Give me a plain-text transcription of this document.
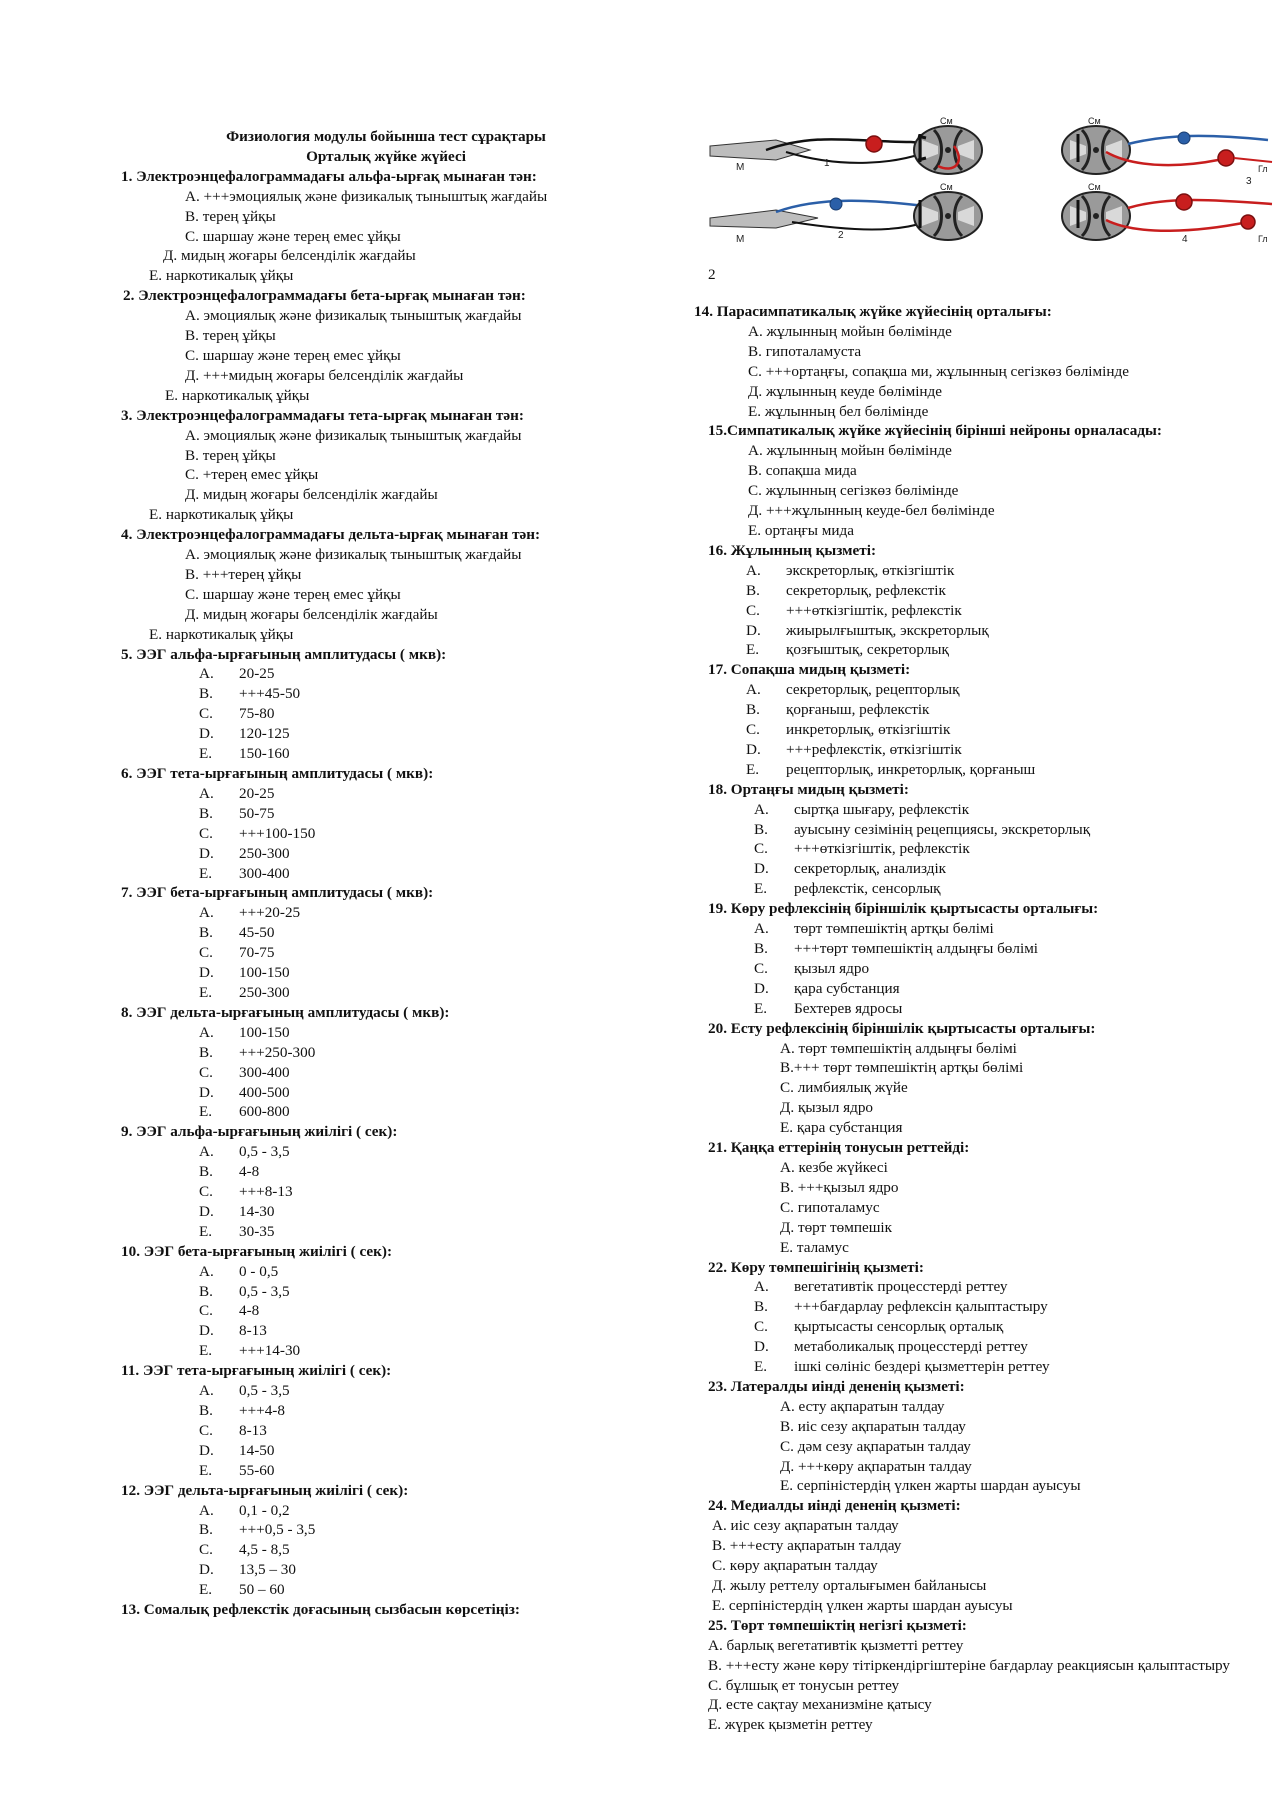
Физиология модулы бойынша тест сұрақтары
Орталық жүйке жүйесі
1. Электроэнцефалограммадағы альфа-ырғақ мынаған тән:
А. +++эмоциялық және физикалық тыныштық жағдайы
В. терең ұйқы
С. шаршау және терең емес ұйқы
Д. мидың жоғары белсенділік жағдайы
Е. наркотикалық ұйқы
2. Электроэнцефалограммадағы бета-ырғақ мынаған тән:
А. эмоциялық және физикалық тыныштық жағдайы
В. терең ұйқы
С. шаршау және терең емес ұйқы
Д. +++мидың жоғары белсенділік жағдайы
Е. наркотикалық ұйқы
3. Электроэнцефалограммадағы тета-ырғақ мынаған тән:
А. эмоциялық және физикалық тыныштық жағдайы
В. терең ұйқы
С. +терең емес ұйқы
Д. мидың жоғары белсенділік жағдайы
Е. наркотикалық ұйқы
4. Электроэнцефалограммадағы дельта-ырғақ мынаған тән:
А. эмоциялық және физикалық тыныштық жағдайы
В. +++терең ұйқы
С. шаршау және терең емес ұйқы
Д. мидың жоғары белсенділік жағдайы
Е. наркотикалық ұйқы
5. ЭЭГ альфа-ырғағының амплитудасы ( мкв):
A.	20-25
B.	+++45-50
C.	75-80
D.	120-125
E.	150-160
6. ЭЭГ тета-ырғағының амплитудасы ( мкв):
A.	20-25
B.	50-75
C.	+++100-150
D.	250-300
E.	300-400
7. ЭЭГ бета-ырғағының амплитудасы ( мкв):
A.	+++20-25
B.	45-50
C.	70-75
D.	100-150
E.	250-300
8. ЭЭГ дельта-ырғағының амплитудасы ( мкв):
A.	100-150
B.	+++250-300
C.	300-400
D.	400-500
E.	600-800
9. ЭЭГ альфа-ырғағының жиілігі ( сек):
A.	0,5 - 3,5
B.	4-8
C.	+++8-13
D.	14-30
E.	30-35
10. ЭЭГ бета-ырғағының жиілігі ( сек):
A.	0 - 0,5
B.	0,5 - 3,5
C.	4-8
D.	8-13
E.	+++14-30
11. ЭЭГ тета-ырғағының жиілігі ( сек):
A.	0,5 - 3,5
B.	+++4-8
C.	8-13
D.	14-50
E.	55-60
12. ЭЭГ дельта-ырғағының жиілігі ( сек):
A.	0,1 - 0,2
B.	+++0,5 - 3,5
C.	4,5 - 8,5
D.	13,5 – 30
E.	50 – 60
13. Сомалық рефлекстік доғасының сызбасын көрсетіңіз:
См
М	1
См
М	2
См
Гл
3
См
Гл
4
2
14. Парасимпатикалық жүйке жүйесінің орталығы:
А. жұлынның мойын бөлімінде
В. гипоталамуста
С. +++ортаңғы, сопақша ми, жұлынның сегізкөз бөлімінде
Д. жұлынның кеуде бөлімінде
Е. жұлынның бел бөлімінде
15.Симпатикалық жүйке жүйесінің бірінші нейроны орналасады:
А. жұлынның мойын бөлімінде
В. сопақша мида
С. жұлынның сегізкөз бөлімінде
Д. +++жұлынның кеуде-бел бөлімінде
Е. ортаңғы мида
16. Жұлынның қызметі:
A.	экскреторлық, өткізгіштік
B.	секреторлық, рефлекстік
C.	+++өткізгіштік, рефлекстік
D.	жиырылғыштық, экскреторлық
E.	қозғыштық, секреторлық
17. Сопақша мидың қызметі:
A.	секреторлық, рецепторлық
B.	қорғаныш, рефлекстік
C.	инкреторлық, өткізгіштік
D.	+++рефлекстік, өткізгіштік
E.	рецепторлық, инкреторлық, қорғаныш
18. Ортаңғы мидың қызметі:
A.	сыртқа шығару, рефлекстік
B.	ауысыну сезімінің рецепциясы, экскреторлық
C.	+++өткізгіштік, рефлекстік
D.	секреторлық, анализдік
E.	рефлекстік, сенсорлық
19. Көру рефлексінің біріншілік қыртысасты орталығы:
A.	төрт төмпешіктің артқы бөлімі
B.	+++төрт төмпешіктің алдыңғы бөлімі
C.	қызыл ядро
D.	қара субстанция
E.	Бехтерев ядросы
20. Есту рефлексінің біріншілік қыртысасты орталығы:
А. төрт төмпешіктің алдыңғы бөлімі
В.+++ төрт төмпешіктің артқы бөлімі
С. лимбиялық жүйе
Д. қызыл ядро
Е. қара субстанция
21. Қаңқа еттерінің тонусын реттейді:
А. кезбе жүйкесі
В. +++қызыл ядро
С. гипоталамус
Д. төрт төмпешік
Е. таламус
22. Көру төмпешігінің қызметі:
A.	вегетативтік процесстерді реттеу
B.	+++бағдарлау рефлексін қалыптастыру
C.	қыртысасты сенсорлық орталық
D.	метаболикалық процесстерді реттеу
E.	ішкі сөлініс бездері қызметтерін реттеу
23. Латералды иінді дененің қызметі:
А. есту ақпаратын талдау
В. иіс сезу ақпаратын талдау
С. дәм сезу ақпаратын талдау
Д. +++көру ақпаратын талдау
Е. серпіністердің үлкен жарты шардан ауысуы
24. Медиалды иінді дененің қызметі:
А. иіс сезу ақпаратын талдау
В. +++есту ақпаратын талдау
С. көру ақпаратын талдау
Д. жылу реттелу орталығымен байланысы
Е. серпіністердің үлкен жарты шардан ауысуы
25. Төрт төмпешіктің негізгі қызметі:
А. барлық вегетативтік қызметті реттеу
В. +++есту және көру тітіркендіргіштеріне бағдарлау реакциясын қалыптастыру
С. бұлшық ет тонусын реттеу
Д. есте сақтау механизміне қатысу
Е. жүрек қызметін реттеу
